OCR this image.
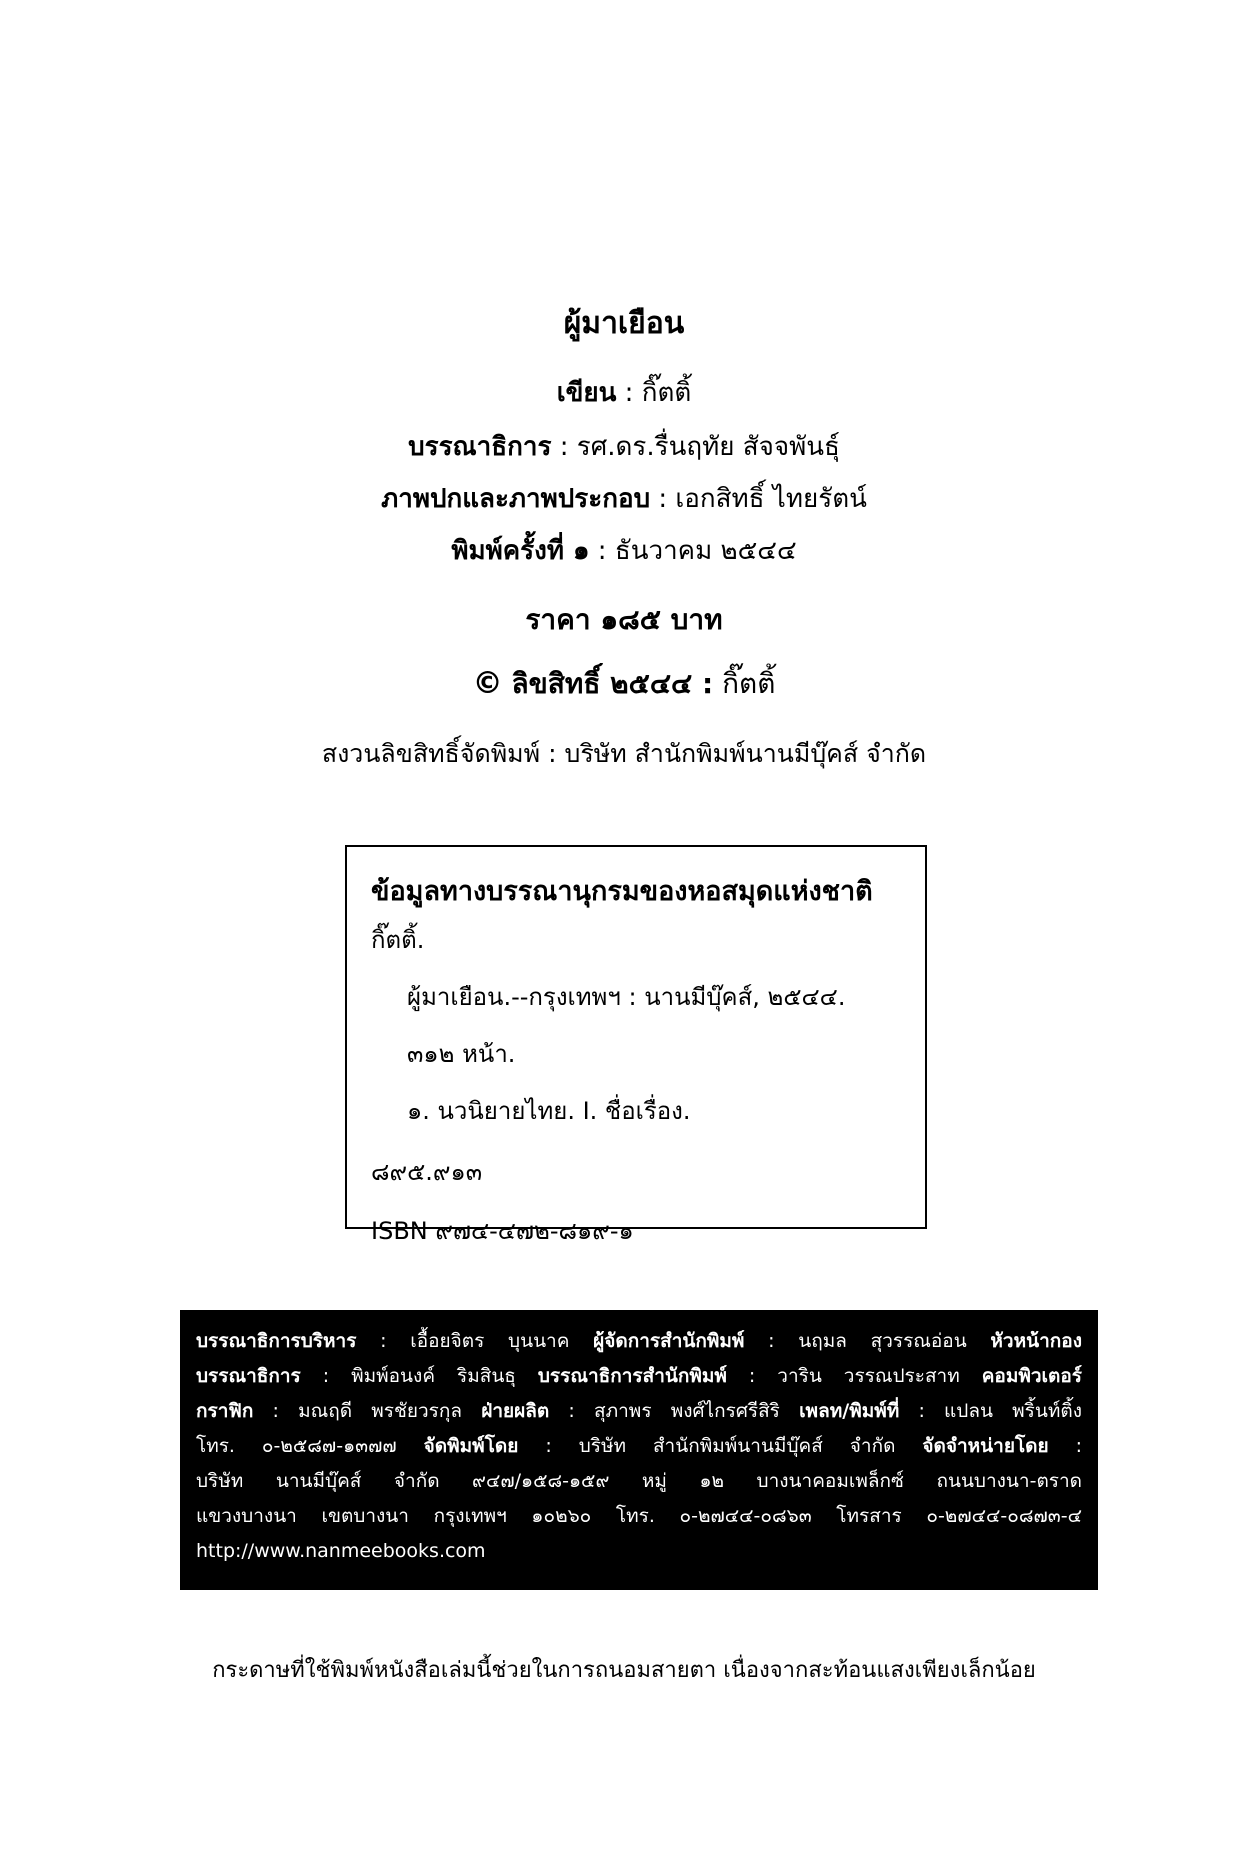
ผู้มาเยือน
เขียน : กิ๊ตติ้
บรรณาธิการ : รศ.ดร.รื่นฤทัย สัจจพันธุ์
ภาพปกและภาพประกอบ : เอกสิทธิ์ ไทยรัตน์
พิมพ์ครั้งที่ ๑ : ธันวาคม ๒๕๔๔
ราคา ๑๘๕ บาท
© ลิขสิทธิ์ ๒๕๔๔ : กิ๊ตติ้
สงวนลิขสิทธิ์จัดพิมพ์ : บริษัท สำนักพิมพ์นานมีบุ๊คส์ จำกัด
ข้อมูลทางบรรณานุกรมของหอสมุดแห่งชาติ
กิ๊ตติ้.
ผู้มาเยือน.--กรุงเทพฯ : นานมีบุ๊คส์, ๒๕๔๔.
๓๑๒ หน้า.
๑. นวนิยายไทย. I. ชื่อเรื่อง.
๘๙๕.๙๑๓
ISBN ๙๗๔-๔๗๒-๘๑๙-๑
บรรณาธิการบริหาร : เอื้อยจิตร บุนนาค ผู้จัดการสำนักพิมพ์ : นฤมล สุวรรณอ่อน หัวหน้ากอง
บรรณาธิการ : พิมพ์อนงค์ ริมสินธุ บรรณาธิการสำนักพิมพ์ : วาริน วรรณประสาท คอมพิวเตอร์
กราฟิก : มณฤดี พรชัยวรกุล ฝ่ายผลิต : สุภาพร พงศ์ไกรศรีสิริ เพลท/พิมพ์ที่ : แปลน พริ้นท์ติ้ง
โทร. ๐-๒๕๘๗-๑๓๗๗ จัดพิมพ์โดย : บริษัท สำนักพิมพ์นานมีบุ๊คส์ จำกัด จัดจำหน่ายโดย :
บริษัท นานมีบุ๊คส์ จำกัด ๙๔๗/๑๕๘-๑๕๙ หมู่ ๑๒ บางนาคอมเพล็กซ์ ถนนบางนา-ตราด
แขวงบางนา เขตบางนา กรุงเทพฯ ๑๐๒๖๐ โทร. ๐-๒๗๔๔-๐๘๖๓ โทรสาร ๐-๒๗๔๔-๐๘๗๓-๔
http://www.nanmeebooks.com
กระดาษที่ใช้พิมพ์หนังสือเล่มนี้ช่วยในการถนอมสายตา เนื่องจากสะท้อนแสงเพียงเล็กน้อย
